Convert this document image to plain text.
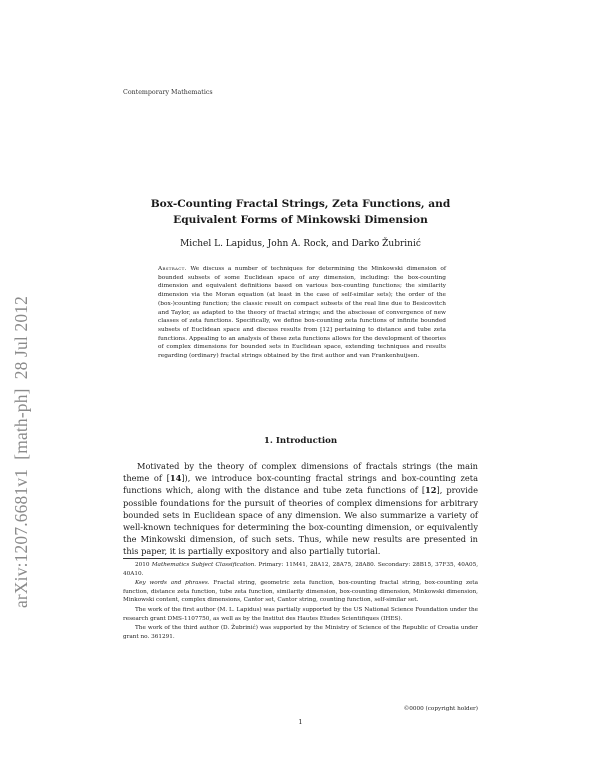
arXiv:1207.6681v1  [math-ph]  28 Jul 2012
Contemporary Mathematics
Box-Counting Fractal Strings, Zeta Functions, and
Equivalent Forms of Minkowski Dimension
Michel L. Lapidus, John A. Rock, and Darko Žubrinić
Abstract. We discuss a number of techniques for determining the Minkowski dimension of bounded subsets of some Euclidean space of any dimension, including: the box-counting dimension and equivalent definitions based on various box-counting functions; the similarity dimension via the Moran equation (at least in the case of self-similar sets); the order of the (box-)counting function; the classic result on compact subsets of the real line due to Besicovitch and Taylor, as adapted to the theory of fractal strings; and the abscissae of convergence of new classes of zeta functions. Specifically, we define box-counting zeta functions of infinite bounded subsets of Euclidean space and discuss results from [12] pertaining to distance and tube zeta functions. Appealing to an analysis of these zeta functions allows for the development of theories of complex dimensions for bounded sets in Euclidean space, extending techniques and results regarding (ordinary) fractal strings obtained by the first author and van Frankenhuijsen.
1. Introduction

Motivated by the theory of complex dimensions of fractals strings (the main theme of [14]), we introduce box-counting fractal strings and box-counting zeta functions which, along with the distance and tube zeta functions of [12], provide possible foundations for the pursuit of theories of complex dimensions for arbitrary bounded sets in Euclidean space of any dimension. We also summarize a variety of well-known techniques for determining the box-counting dimension, or equivalently the Minkowski dimension, of such sets. Thus, while new results are presented in this paper, it is partially expository and also partially tutorial.

2010 Mathematics Subject Classification. Primary: 11M41, 28A12, 28A75, 28A80. Secondary: 28B15, 37F35, 40A05, 40A10.

Key words and phrases. Fractal string, geometric zeta function, box-counting fractal string, box-counting zeta function, distance zeta function, tube zeta function, similarity dimension, box-counting dimension, Minkowski dimension, Minkowski content, complex dimensions, Cantor set, Cantor string, counting function, self-similar set.

The work of the first author (M. L. Lapidus) was partially supported by the US National Science Foundation under the research grant DMS-1107750, as well as by the Institut des Hautes Etudes Scientifiques (IHES).

The work of the third author (D. Žubrinić) was supported by the Ministry of Science of the Republic of Croatia under grant no. 361291.

©0000 (copyright holder)
1
